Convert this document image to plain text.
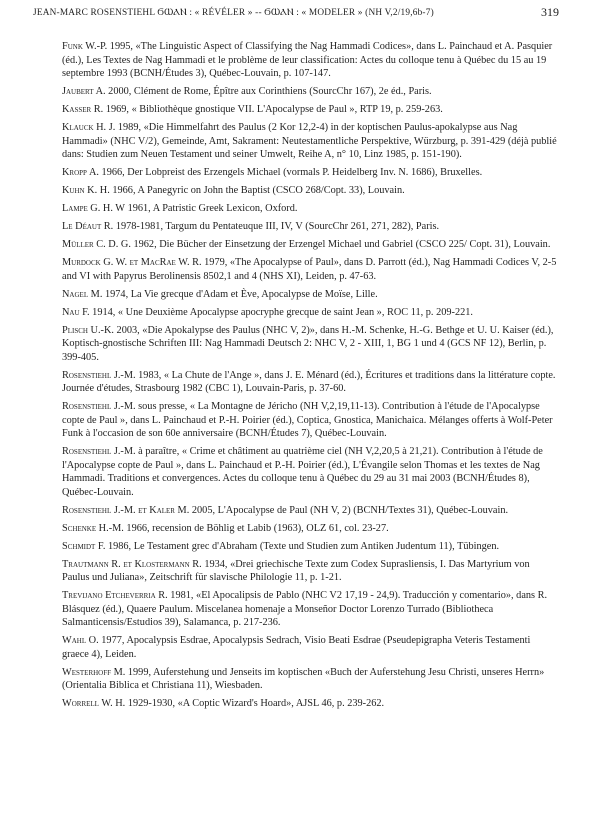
JEAN-MARC ROSENSTIEHL ϬⲰⲀⲚ : « RÉVÉLER » -- ϬⲰⲀⲚ : « MODELER » (NH V,2/19,6b-7)	319

Funk W.-P. 1995, «The Linguistic Aspect of Classifying the Nag Hammadi Codices», dans L. Painchaud et A. Pasquier (éd.), Les Textes de Nag Hammadi et le problème de leur classification: Actes du colloque tenu à Québec du 15 au 19 septembre 1993 (BCNH/Études 3), Québec-Louvain, p. 107-147.

Jaubert A. 2000, Clément de Rome, Épître aux Corinthiens (SourcChr 167), 2e éd., Paris.

Kasser R. 1969, « Bibliothèque gnostique VII. L'Apocalypse de Paul », RTP 19, p. 259-263.

Klauck H. J. 1989, «Die Himmelfahrt des Paulus (2 Kor 12,2-4) in der koptischen Paulus-apokalypse aus Nag Hammadi» (NHC V/2), Gemeinde, Amt, Sakrament: Neutestamentliche Perspektive, Würzburg, p. 391-429 (déjà publié dans: Studien zum Neuen Testament und seiner Umwelt, Reihe A, n° 10, Linz 1985, p. 151-190).

Kropp A. 1966, Der Lobpreist des Erzengels Michael (vormals P. Heidelberg Inv. N. 1686), Bruxelles.

Kuhn K. H. 1966, A Panegyric on John the Baptist (CSCO 268/Copt. 33), Louvain.

Lampe G. H. W 1961, A Patristic Greek Lexicon, Oxford.

Le Déaut R. 1978-1981, Targum du Pentateuque III, IV, V (SourcChr 261, 271, 282), Paris.

Müller C. D. G. 1962, Die Bücher der Einsetzung der Erzengel Michael und Gabriel (CSCO 225/ Copt. 31), Louvain.

Murdock G. W. et MacRae W. R. 1979, «The Apocalypse of Paul», dans D. Parrott (éd.), Nag Hammadi Codices V, 2-5 and VI with Papyrus Berolinensis 8502,1 and 4 (NHS XI), Leiden, p. 47-63.

Nagel M. 1974, La Vie grecque d'Adam et Ève, Apocalypse de Moïse, Lille.

Nau F. 1914, « Une Deuxième Apocalypse apocryphe grecque de saint Jean », ROC 11, p. 209-221.

Plisch U.-K. 2003, «Die Apokalypse des Paulus (NHC V, 2)», dans H.-M. Schenke, H.-G. Bethge et U. U. Kaiser (éd.), Koptisch-gnostische Schriften III: Nag Hammadi Deutsch 2: NHC V, 2 - XIII, 1, BG 1 und 4 (GCS NF 12), Berlin, p. 399-405.

Rosenstiehl J.-M. 1983, « La Chute de l'Ange », dans J. E. Ménard (éd.), Écritures et traditions dans la littérature copte. Journée d'études, Strasbourg 1982 (CBC 1), Louvain-Paris, p. 37-60.

Rosenstiehl J.-M. sous presse, « La Montagne de Jéricho (NH V,2,19,11-13). Contribution à l'étude de l'Apocalypse copte de Paul », dans L. Painchaud et P.-H. Poirier (éd.), Coptica, Gnostica, Manichaica. Mélanges offerts à Wolf-Peter Funk à l'occasion de son 60e anniversaire (BCNH/Études 7), Québec-Louvain.

Rosenstiehl J.-M. à paraître, « Crime et châtiment au quatrième ciel (NH V,2,20,5 à 21,21). Contribution à l'étude de l'Apocalypse copte de Paul », dans L. Painchaud et P.-H. Poirier (éd.), L'Évangile selon Thomas et les textes de Nag Hammadi. Traditions et convergences. Actes du colloque tenu à Québec du 29 au 31 mai 2003 (BCNH/Études 8), Québec-Louvain.

Rosenstiehl J.-M. et Kaler M. 2005, L'Apocalypse de Paul (NH V, 2) (BCNH/Textes 31), Québec-Louvain.

Schenke H.-M. 1966, recension de Böhlig et Labib (1963), OLZ 61, col. 23-27.

Schmidt F. 1986, Le Testament grec d'Abraham (Texte und Studien zum Antiken Judentum 11), Tübingen.

Trautmann R. et Klostermann R. 1934, «Drei griechische Texte zum Codex Suprasliensis, I. Das Martyrium von Paulus und Juliana», Zeitschrift für slavische Philologie 11, p. 1-21.

Trevijano Etcheverria R. 1981, «El Apocalipsis de Pablo (NHC V2 17,19 - 24,9). Traducción y comentario», dans R. Blásquez (éd.), Quaere Paulum. Miscelanea homenaje a Monseñor Doctor Lorenzo Turrado (Bibliotheca Salmanticensis/Estudios 39), Salamanca, p. 217-236.

Wahl O. 1977, Apocalypsis Esdrae, Apocalypsis Sedrach, Visio Beati Esdrae (Pseudepigrapha Veteris Testamenti graece 4), Leiden.

Westerhoff M. 1999, Auferstehung und Jenseits im koptischen «Buch der Auferstehung Jesu Christi, unseres Herrn» (Orientalia Biblica et Christiana 11), Wiesbaden.

Worrell W. H. 1929-1930, «A Coptic Wizard's Hoard», AJSL 46, p. 239-262.
